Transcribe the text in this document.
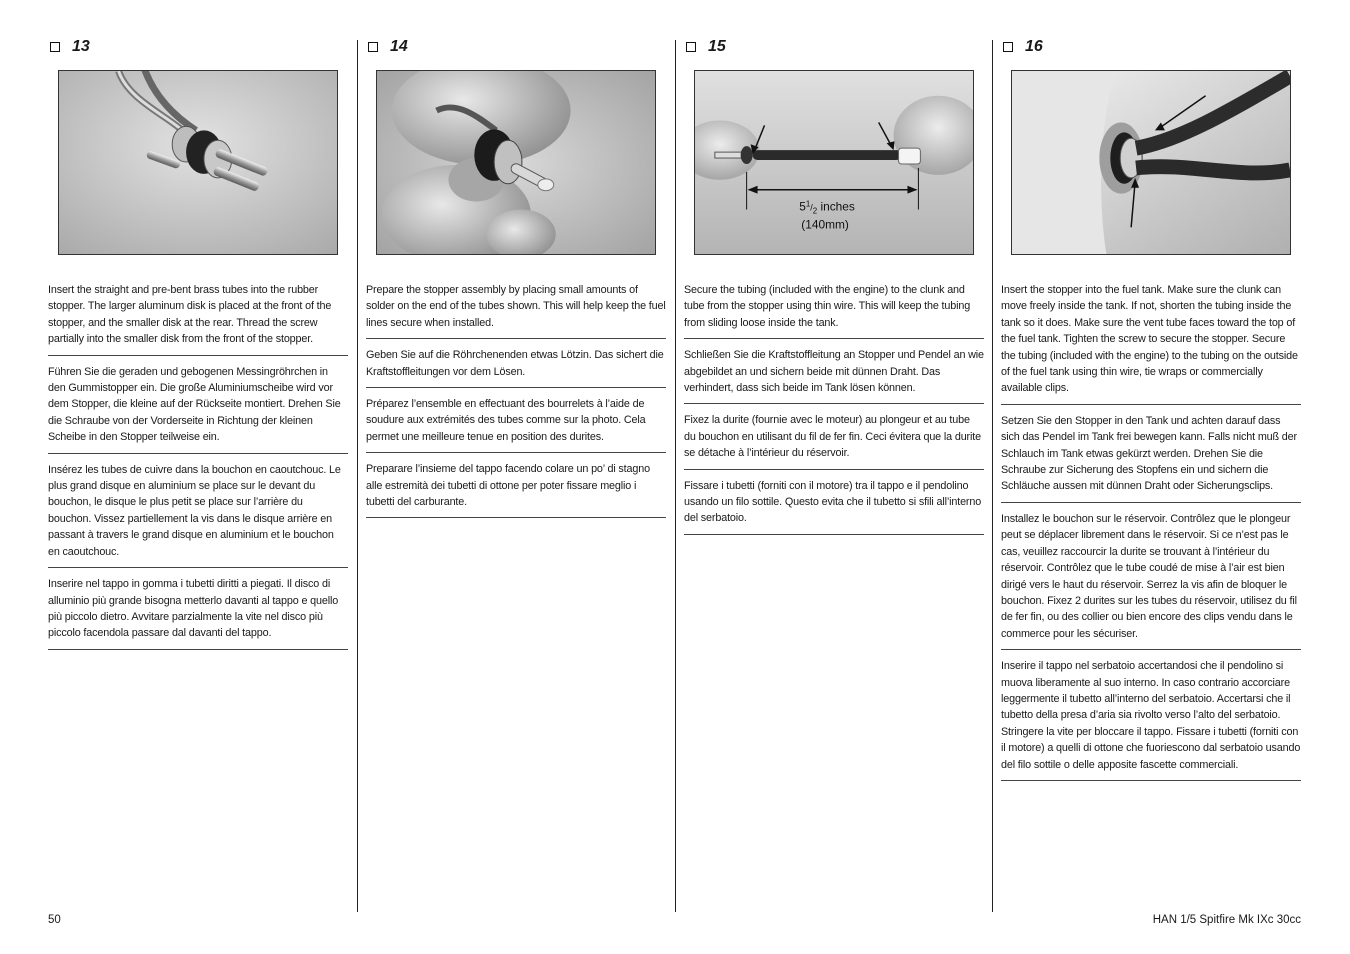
13
Insert the straight and pre-bent brass tubes into the rubber stopper. The larger aluminum disk is placed at the front of the stopper, and the smaller disk at the rear. Thread the screw partially into the smaller disk from the front of the stopper.
Führen Sie die geraden und gebogenen Messingröhrchen in den Gummistopper ein. Die große Aluminiumscheibe wird vor dem Stopper, die kleine auf der Rückseite montiert. Drehen Sie die Schraube von der Vorderseite in Richtung der kleinen Scheibe in den Stopper teilweise ein.
Insérez les tubes de cuivre dans la bouchon en caoutchouc. Le plus grand disque en aluminium se place sur le devant du bouchon, le disque le plus petit se place sur l’arrière du bouchon. Vissez partiellement la vis dans le disque arrière en passant à travers le grand disque en aluminium et le bouchon en caoutchouc.
Inserire nel tappo in gomma i tubetti diritti a piegati. Il disco di alluminio più grande bisogna metterlo davanti al tappo e quello più piccolo dietro. Avvitare parzialmente la vite nel disco più piccolo facendola passare dal davanti del tappo.
14
Prepare the stopper assembly by placing small amounts of solder on the end of the tubes shown. This will help keep the fuel lines secure when installed.
Geben Sie auf die Röhrchenenden etwas Lötzin. Das sichert die Kraftstoffleitungen vor dem Lösen.
Préparez l’ensemble en effectuant des bourrelets à l’aide de soudure aux extrémités des tubes comme sur la photo. Cela permet une meilleure tenue en position des durites.
Preparare l’insieme del tappo facendo colare un po’ di stagno alle estremità dei tubetti di ottone per poter fissare meglio i tubetti del carburante.
15
$5^1_{/2}$ inches
(140mm)
Secure the tubing (included with the engine) to the clunk and tube from the stopper using thin wire. This will keep the tubing from sliding loose inside the tank.
Schließen Sie die Kraftstoffleitung an Stopper und Pendel an wie abgebildet an und sichern beide mit dünnen Draht. Das verhindert, dass sich beide im Tank lösen können.
Fixez la durite (fournie avec le moteur) au plongeur et au tube du bouchon en utilisant du fil de fer fin. Ceci évitera que la durite se détache à l’intérieur du réservoir.
Fissare i tubetti (forniti con il motore) tra il tappo e il pendolino usando un filo sottile. Questo evita che il tubetto si sfili all’interno del serbatoio.
16
Insert the stopper into the fuel tank. Make sure the clunk can move freely inside the tank. If not, shorten the tubing inside the tank so it does. Make sure the vent tube faces toward the top of the fuel tank. Tighten the screw to secure the stopper. Secure the tubing (included with the engine) to the tubing on the outside of the fuel tank using thin wire, tie wraps or commercially available clips.
Setzen Sie den Stopper in den Tank und achten darauf dass sich das Pendel im Tank frei bewegen kann. Falls nicht muß der Schlauch im Tank etwas gekürzt werden. Drehen Sie die Schraube zur Sicherung des Stopfens ein und sichern die Schläuche aussen mit dünnen Draht oder Sicherungsclips.
Installez le bouchon sur le réservoir. Contrôlez que le plongeur peut se déplacer librement dans le réservoir. Si ce n’est pas le cas, veuillez raccourcir la durite se trouvant à l’intérieur du réservoir. Contrôlez que le tube coudé de mise à l’air est bien dirigé vers le haut du réservoir. Serrez la vis afin de bloquer le bouchon. Fixez 2 durites sur les tubes du réservoir, utilisez du fil de fer fin, ou des collier ou bien encore des clips vendu dans le commerce pour les sécuriser.
Inserire il tappo nel serbatoio accertandosi che il pendolino si muova liberamente al suo interno. In caso contrario accorciare leggermente il tubetto all’interno del serbatoio. Accertarsi che il tubetto della presa d’aria sia rivolto verso l’alto del serbatoio. Stringere la vite per bloccare il tappo. Fissare i tubetti (forniti con il motore) a quelli di ottone che fuoriescono dal serbatoio usando del filo sottile o delle apposite fascette commerciali.
50	HAN 1/5 Spitfire Mk IXc 30cc
